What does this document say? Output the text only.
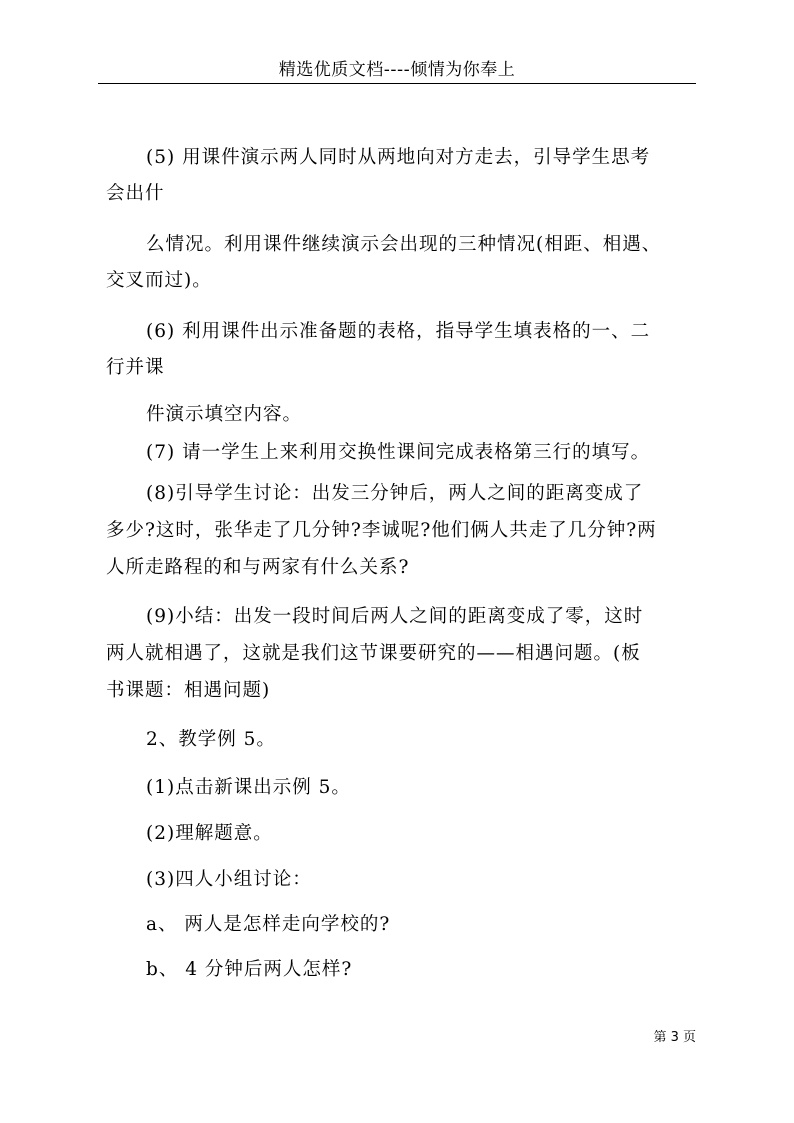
精选优质文档----倾情为你奉上
(5) 用课件演示两人同时从两地向对方走去，引导学生思考
会出什
么情况。利用课件继续演示会出现的三种情况(相距、相遇、
交叉而过)。
(6) 利用课件出示准备题的表格，指导学生填表格的一、二
行并课
件演示填空内容。
(7) 请一学生上来利用交换性课间完成表格第三行的填写。
(8)引导学生讨论：出发三分钟后，两人之间的距离变成了
多少?这时，张华走了几分钟?李诚呢?他们俩人共走了几分钟?两
人所走路程的和与两家有什么关系?
(9)小结：出发一段时间后两人之间的距离变成了零，这时
两人就相遇了，这就是我们这节课要研究的——相遇问题。(板
书课题：相遇问题)
2、教学例 5。
(1)点击新课出示例 5。
(2)理解题意。
(3)四人小组讨论：
a、 两人是怎样走向学校的?
b、 4 分钟后两人怎样?
第 3 页
